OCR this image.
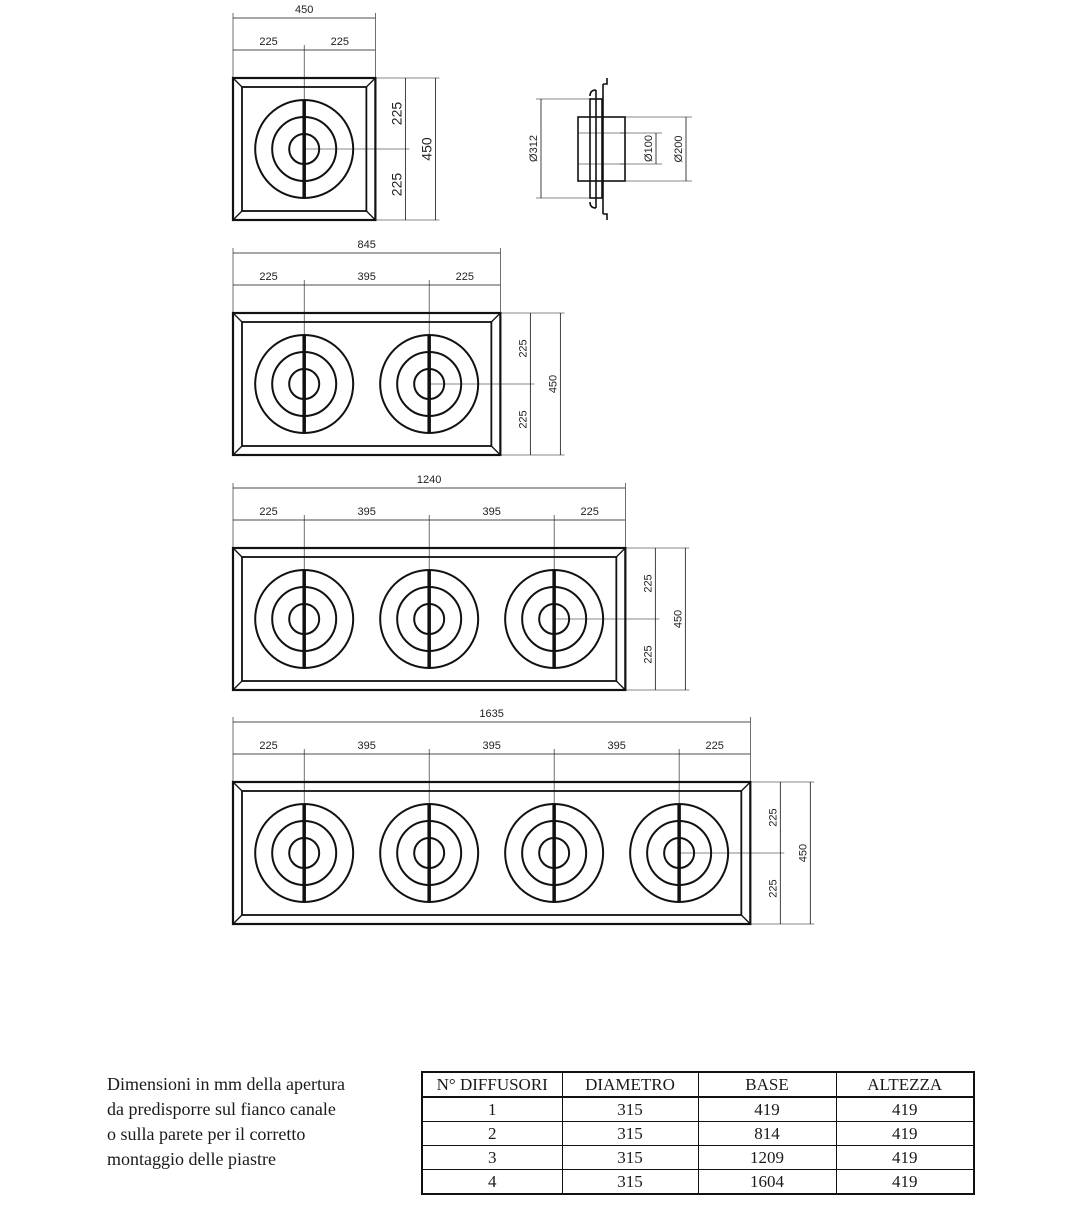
450
225	225
225
225
450
845
225	395	225
225
225
450
1240
225	395	395	225
225
225
450
1635
225	395	395	395	225
225
225
450
Ø312	Ø100 Ø200
Dimensioni in mm della apertura
da predisporre sul fianco canale
o sulla parete per il corretto
montaggio delle piastre
N° DIFFUSORI	DIAMETRO	BASE	ALTEZZA
1	315	419	419
2	315	814	419
3	315	1209	419
4	315	1604	419
